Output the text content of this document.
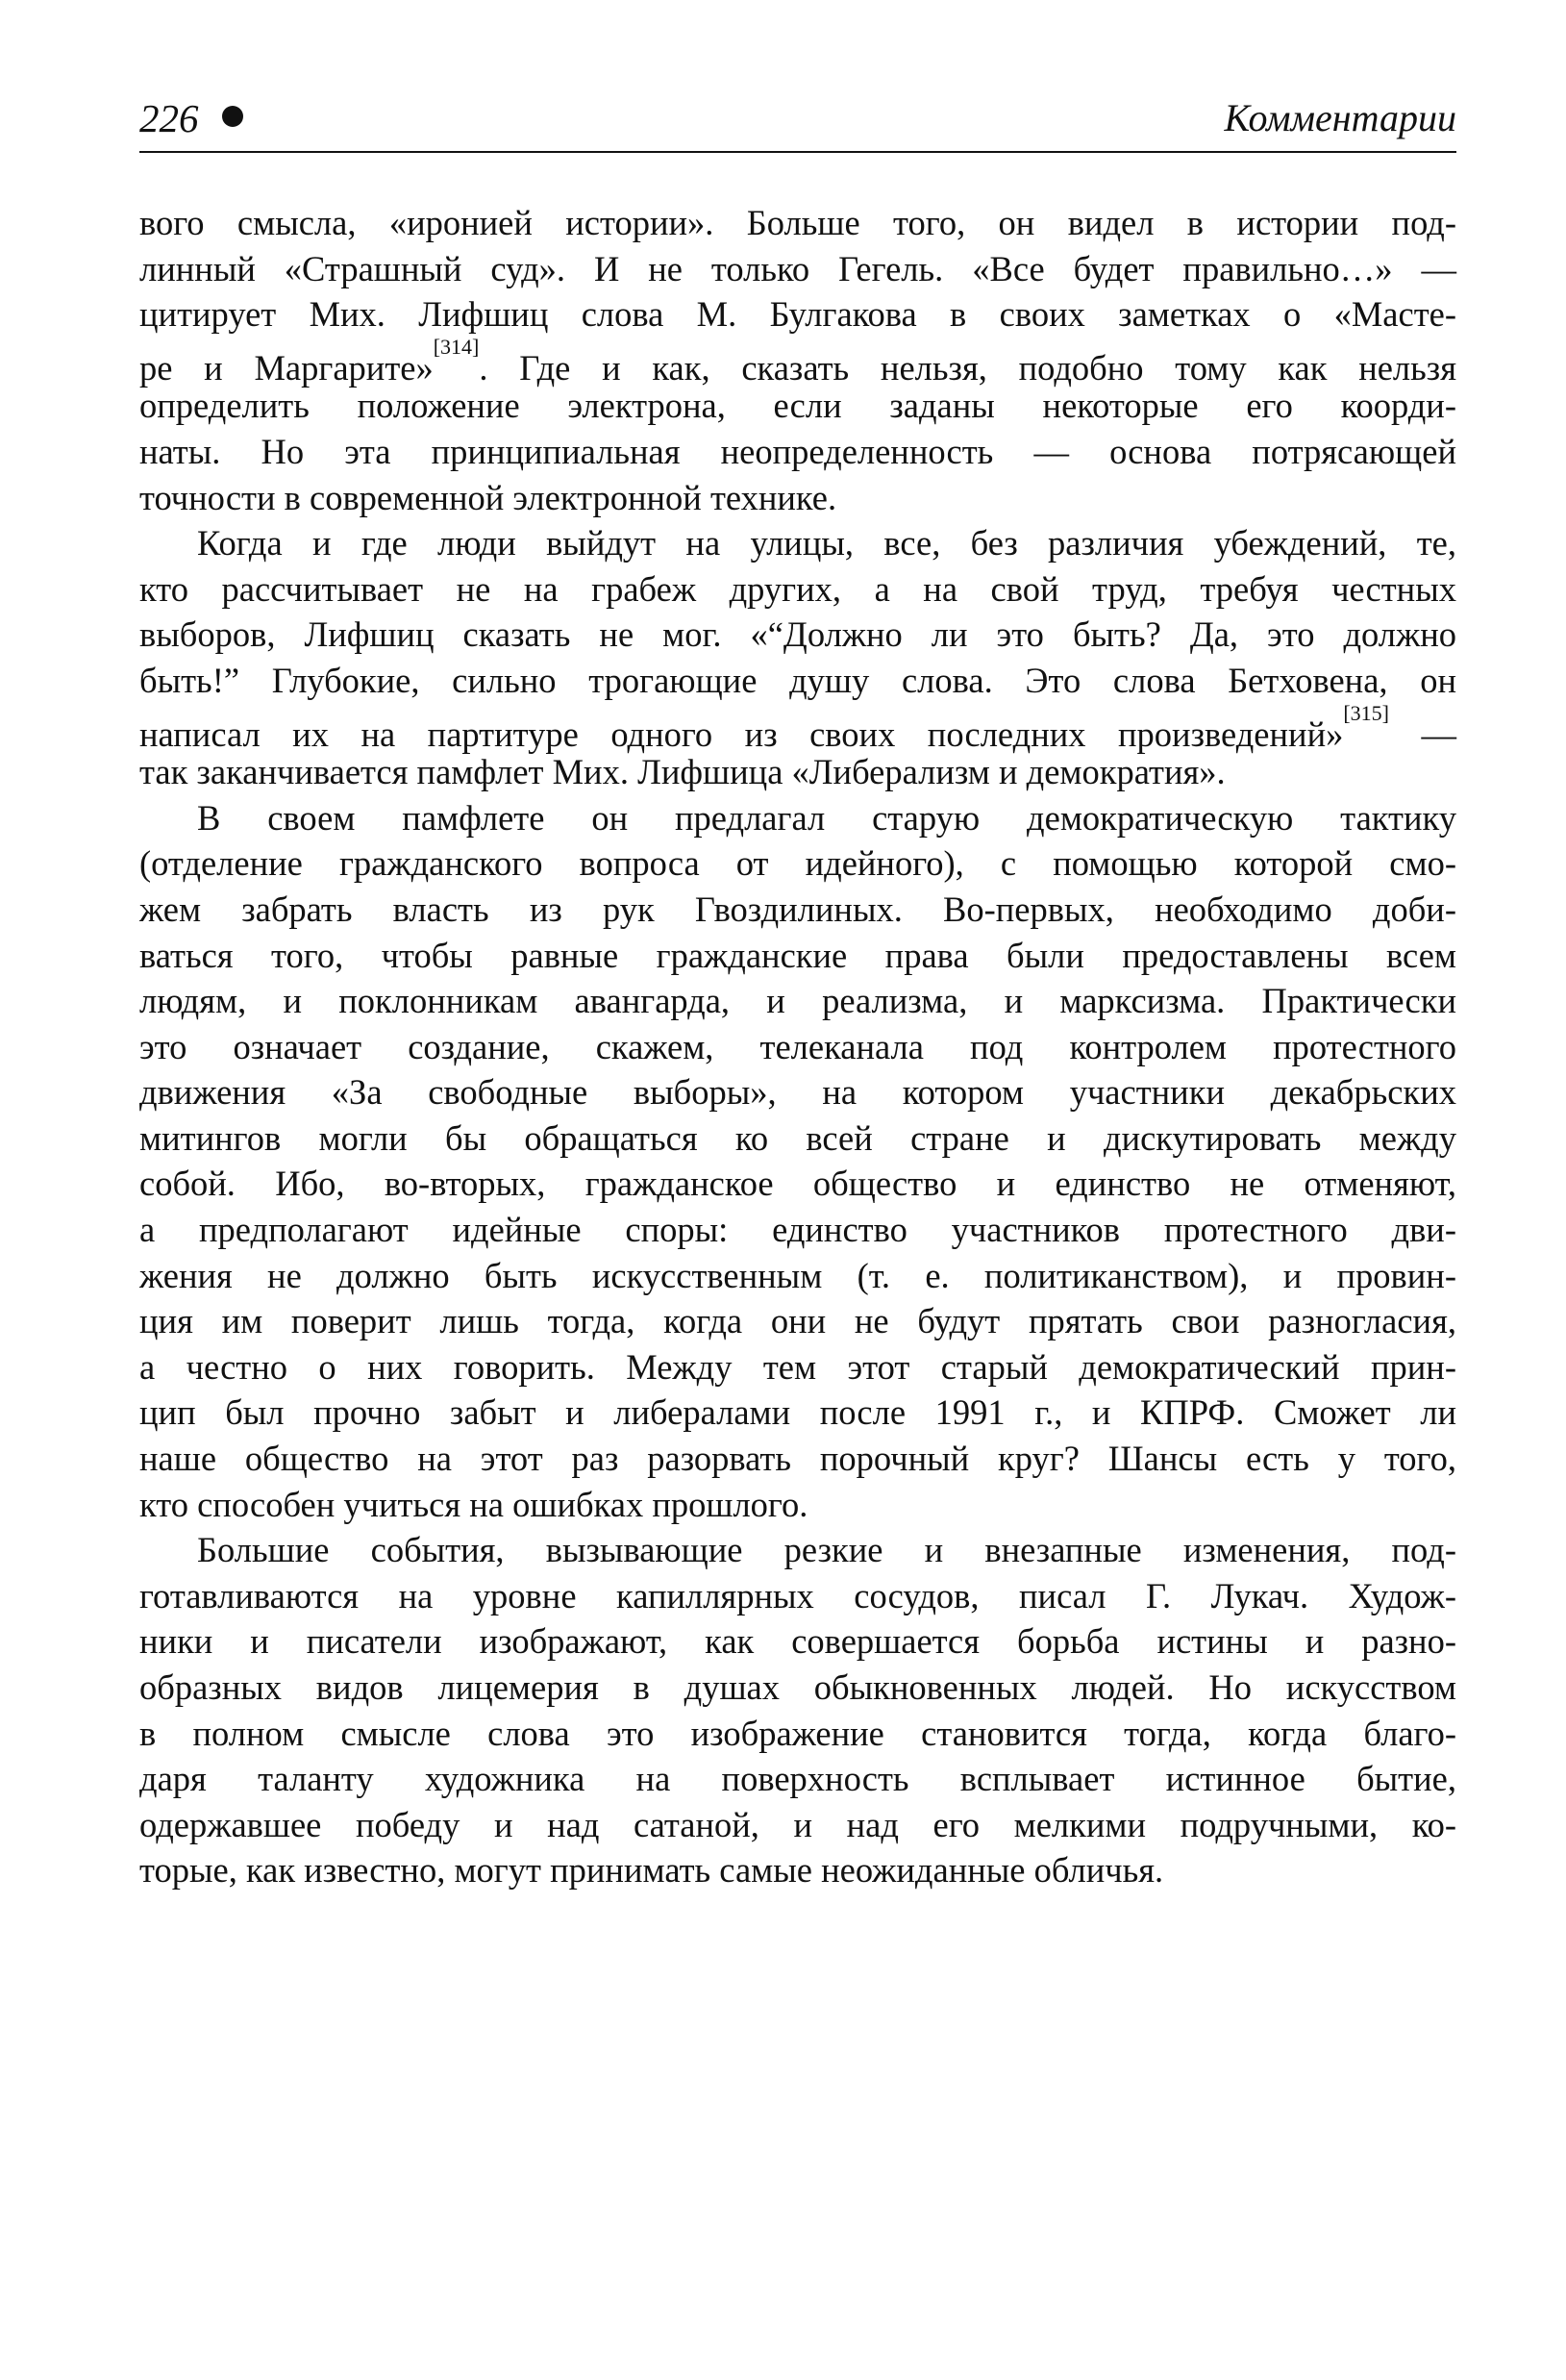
226	Комментарии
вого смысла, «иронией истории». Больше того, он видел в истории под-
линный «Страшный суд». И не только Гегель. «Все будет правильно…» —
цитирует Мих. Лифшиц слова М. Булгакова в своих заметках о «Масте-
ре и Маргарите»[314]. Где и как, сказать нельзя, подобно тому как нельзя
определить положение электрона, если заданы некоторые его коорди-
наты. Но эта принципиальная неопределенность — основа потрясающей
точности в современной электронной технике.
Когда и где люди выйдут на улицы, все, без различия убеждений, те,
кто рассчитывает не на грабеж других, а на свой труд, требуя честных
выборов, Лифшиц сказать не мог. «“Должно ли это быть? Да, это должно
быть!” Глубокие, сильно трогающие душу слова. Это слова Бетховена, он
написал их на партитуре одного из своих последних произведений»[315] —
так заканчивается памфлет Мих. Лифшица «Либерализм и демократия».
В своем памфлете он предлагал старую демократическую тактику
(отделение гражданского вопроса от идейного), с помощью которой смо-
жем забрать власть из рук Гвоздилиных. Во-первых, необходимо доби-
ваться того, чтобы равные гражданские права были предоставлены всем
людям, и поклонникам авангарда, и реализма, и марксизма. Практически
это означает создание, скажем, телеканала под контролем протестного
движения «За свободные выборы», на котором участники декабрьских
митингов могли бы обращаться ко всей стране и дискутировать между
собой. Ибо, во-вторых, гражданское общество и единство не отменяют,
а предполагают идейные споры: единство участников протестного дви-
жения не должно быть искусственным (т. е. политиканством), и провин-
ция им поверит лишь тогда, когда они не будут прятать свои разногласия,
а честно о них говорить. Между тем этот старый демократический прин-
цип был прочно забыт и либералами после 1991 г., и КПРФ. Сможет ли
наше общество на этот раз разорвать порочный круг? Шансы есть у того,
кто способен учиться на ошибках прошлого.
Большие события, вызывающие резкие и внезапные изменения, под-
готавливаются на уровне капиллярных сосудов, писал Г. Лукач. Худож-
ники и писатели изображают, как совершается борьба истины и разно-
образных видов лицемерия в душах обыкновенных людей. Но искусством
в полном смысле слова это изображение становится тогда, когда благо-
даря таланту художника на поверхность всплывает истинное бытие,
одержавшее победу и над сатаной, и над его мелкими подручными, ко-
торые, как известно, могут принимать самые неожиданные обличья.
